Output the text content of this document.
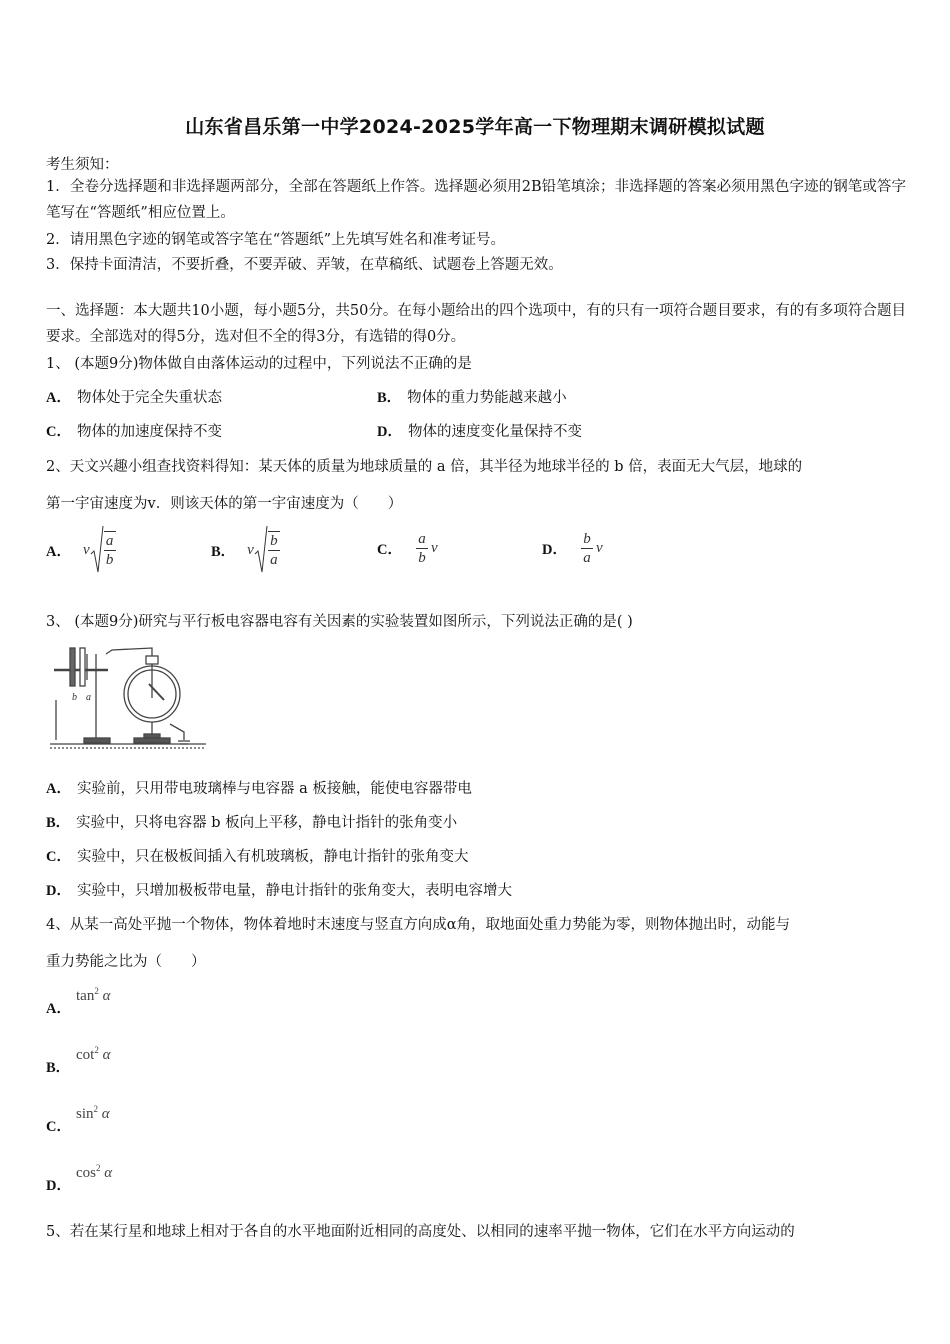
山东省昌乐第一中学2024-2025学年高一下物理期末调研模拟试题
考生须知：
1．全卷分选择题和非选择题两部分，全部在答题纸上作答。选择题必须用2B铅笔填涂；非选择题的答案必须用黑色字迹的钢笔或答字笔写在“答题纸”相应位置上。
2．请用黑色字迹的钢笔或答字笔在“答题纸”上先填写姓名和准考证号。
3．保持卡面清洁，不要折叠，不要弄破、弄皱，在草稿纸、试题卷上答题无效。
一、选择题：本大题共10小题，每小题5分，共50分。在每小题给出的四个选项中，有的只有一项符合题目要求，有的有多项符合题目要求。全部选对的得5分，选对但不全的得3分，有选错的得0分。
1、 (本题9分)物体做自由落体运动的过程中，下列说法不正确的是
A． 物体处于完全失重状态	B． 物体的重力势能越来越小
C． 物体的加速度保持不变	D． 物体的速度变化量保持不变
2、天文兴趣小组查找资料得知：某天体的质量为地球质量的 a 倍，其半径为地球半径的 b 倍，表面无大气层，地球的
第一宇宙速度为v．则该天体的第一宇宙速度为（　　）
A． v $\frac{a}{b}$	B． v $\frac{b}{a}$	C． $\frac{a}{b}$ v	D． $\frac{b}{a}$ v
3、 (本题9分)研究与平行板电容器电容有关因素的实验装置如图所示，下列说法正确的是( )
b a
A． 实验前，只用带电玻璃棒与电容器 a 板接触，能使电容器带电
B． 实验中，只将电容器 b 板向上平移，静电计指针的张角变小
C． 实验中，只在极板间插入有机玻璃板，静电计指针的张角变大
D． 实验中，只增加极板带电量，静电计指针的张角变大，表明电容增大
4、从某一高处平抛一个物体，物体着地时末速度与竖直方向成α角，取地面处重力势能为零，则物体抛出时，动能与
重力势能之比为（　　）
A．
$\tan^2 \alpha$
B．
$\cot^2 \alpha$
C．
$\sin^2 \alpha$
D．
$\cos^2 \alpha$
5、若在某行星和地球上相对于各自的水平地面附近相同的高度处、以相同的速率平抛一物体，它们在水平方向运动的
